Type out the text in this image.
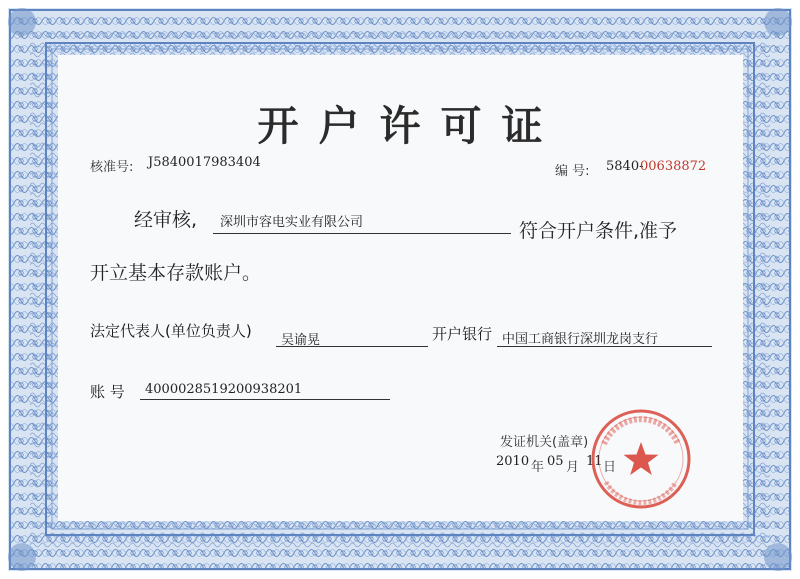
开户许可证
核准号: J5840017983404
编 号: 5840-
00638872
经审核, 深圳市容电实业有限公司	符合开户条件,准予
开立基本存款账户。
法定代表人(单位负责人)
吴谕晃	开户银行 中国工商银行深圳龙岗支行
账 号 4000028519200938201
发证机关(盖章)
2010 年 05 月 11 日
